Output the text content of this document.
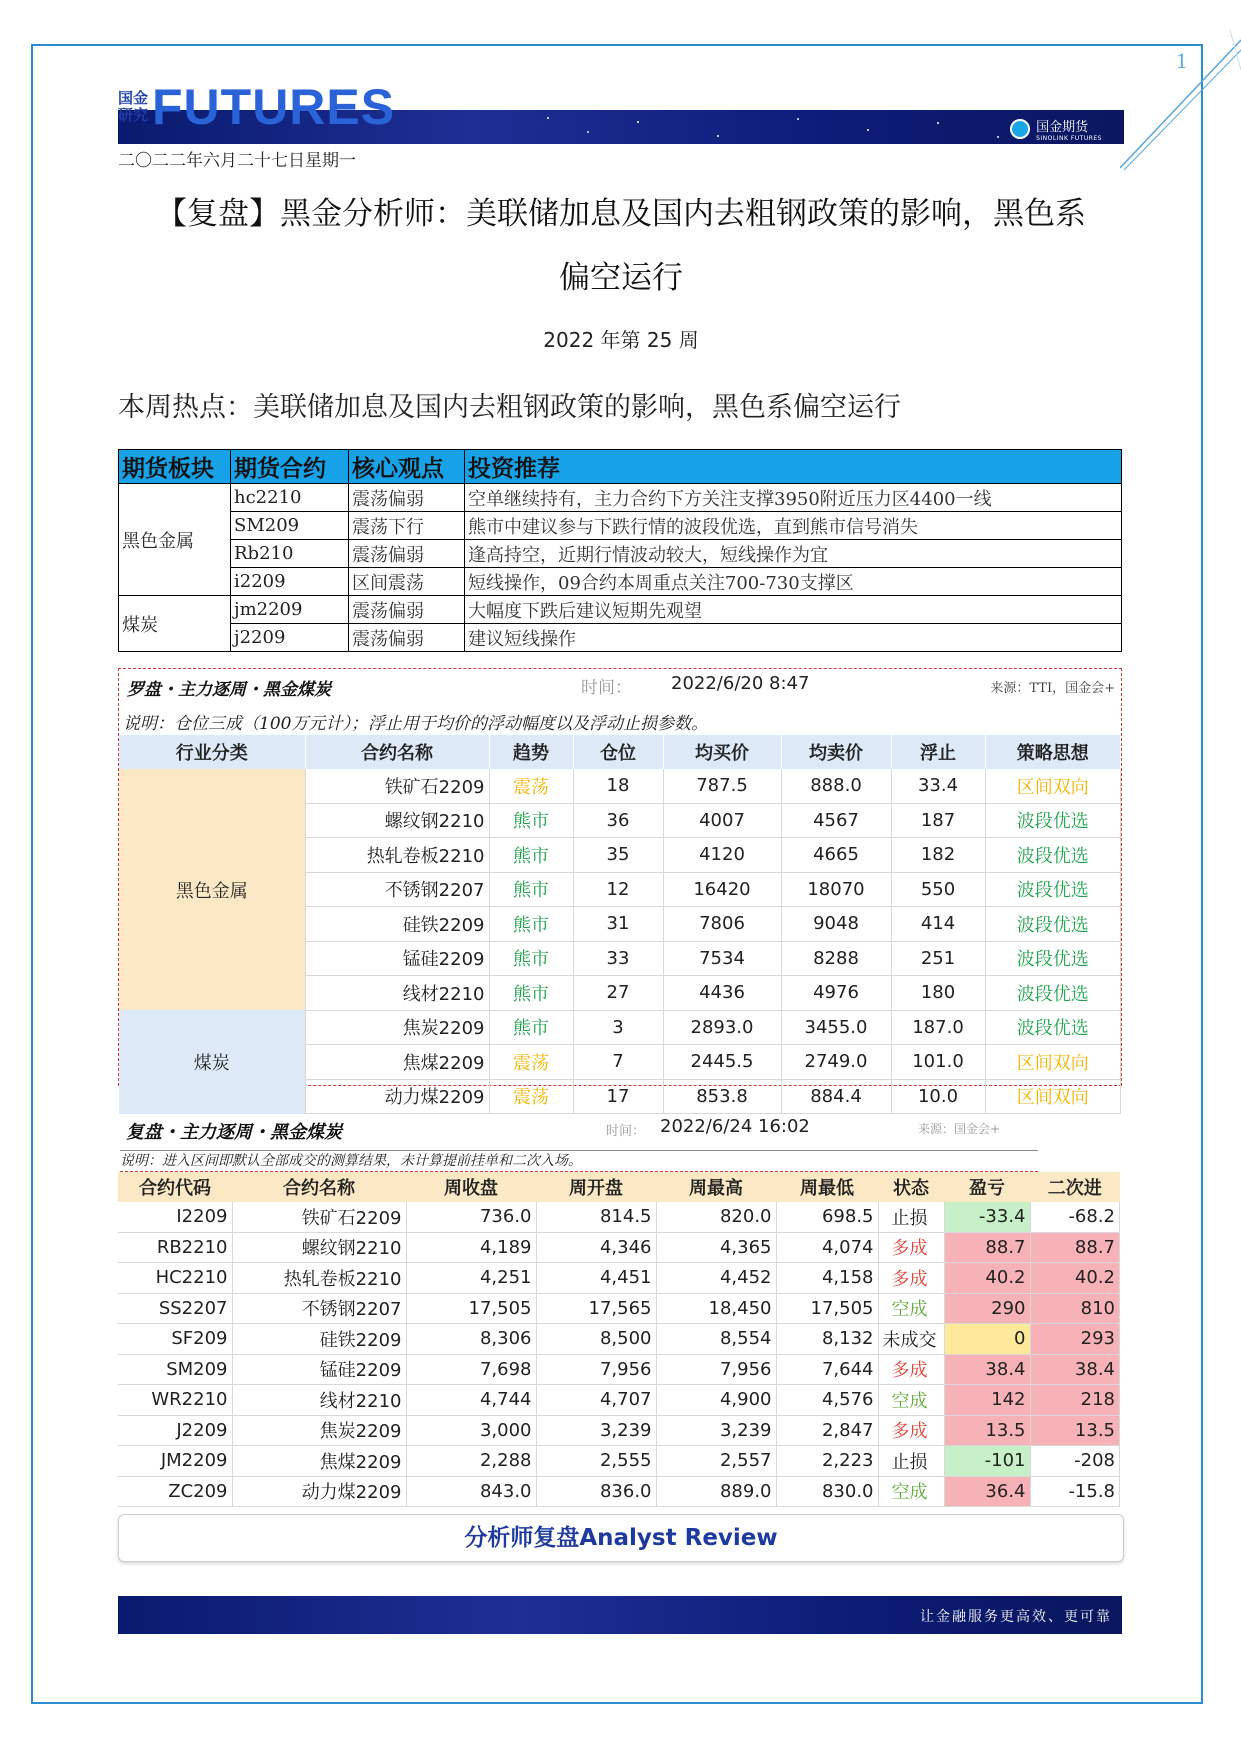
1
国金期货
SINOLINK FUTURES
国金
研究 FUTURES
二〇二二年六月二十七日星期一
【复盘】黑金分析师：美联储加息及国内去粗钢政策的影响，黑色系
偏空运行
2022 年第 25 周
本周热点：美联储加息及国内去粗钢政策的影响，黑色系偏空运行
期货板块	期货合约	核心观点	投资推荐
黑色金属	hc2210	震荡偏弱	空单继续持有，主力合约下方关注支撑3950附近压力区4400一线
	SM209	震荡下行	熊市中建议参与下跌行情的波段优选，直到熊市信号消失
	Rb210	震荡偏弱	逢高持空，近期行情波动较大，短线操作为宜
	i2209	区间震荡	短线操作，09合约本周重点关注700-730支撑区
煤炭	jm2209	震荡偏弱	大幅度下跌后建议短期先观望
	j2209	震荡偏弱	建议短线操作
罗盘・主力逐周・黑金煤炭	时间： 2022/6/20 8:47	来源：TTI，国金会+
说明：仓位三成（100万元计）；浮止用于均价的浮动幅度以及浮动止损参数。
行业分类	合约名称	趋势	仓位	均买价	均卖价	浮止	策略思想
黑色金属	铁矿石2209	震荡	18	787.5	888.0	33.4	区间双向
	螺纹钢2210	熊市	36	4007	4567	187	波段优选
	热轧卷板2210	熊市	35	4120	4665	182	波段优选
	不锈钢2207	熊市	12	16420	18070	550	波段优选
	硅铁2209	熊市	31	7806	9048	414	波段优选
	锰硅2209	熊市	33	7534	8288	251	波段优选
	线材2210	熊市	27	4436	4976	180	波段优选
煤炭	焦炭2209	熊市	3	2893.0	3455.0	187.0	波段优选
	焦煤2209	震荡	7	2445.5	2749.0	101.0	区间双向
	动力煤2209	震荡	17	853.8	884.4	10.0	区间双向
复盘・主力逐周・黑金煤炭	时间： 2022/6/24 16:02	来源：国金会+
说明：进入区间即默认全部成交的测算结果，未计算提前挂单和二次入场。
合约代码	合约名称	周收盘	周开盘	周最高	周最低	状态	盈亏	二次进
I2209	铁矿石2209	736.0	814.5	820.0	698.5	止损	-33.4	-68.2
RB2210	螺纹钢2210	4,189	4,346	4,365	4,074	多成	88.7	88.7
HC2210	热轧卷板2210	4,251	4,451	4,452	4,158	多成	40.2	40.2
SS2207	不锈钢2207	17,505	17,565	18,450	17,505	空成	290	810
SF209	硅铁2209	8,306	8,500	8,554	8,132	未成交	0	293
SM209	锰硅2209	7,698	7,956	7,956	7,644	多成	38.4	38.4
WR2210	线材2210	4,744	4,707	4,900	4,576	空成	142	218
J2209	焦炭2209	3,000	3,239	3,239	2,847	多成	13.5	13.5
JM2209	焦煤2209	2,288	2,555	2,557	2,223	止损	-101	-208
ZC209	动力煤2209	843.0	836.0	889.0	830.0	空成	36.4	-15.8
分析师复盘Analyst Review
让金融服务更高效、更可靠
